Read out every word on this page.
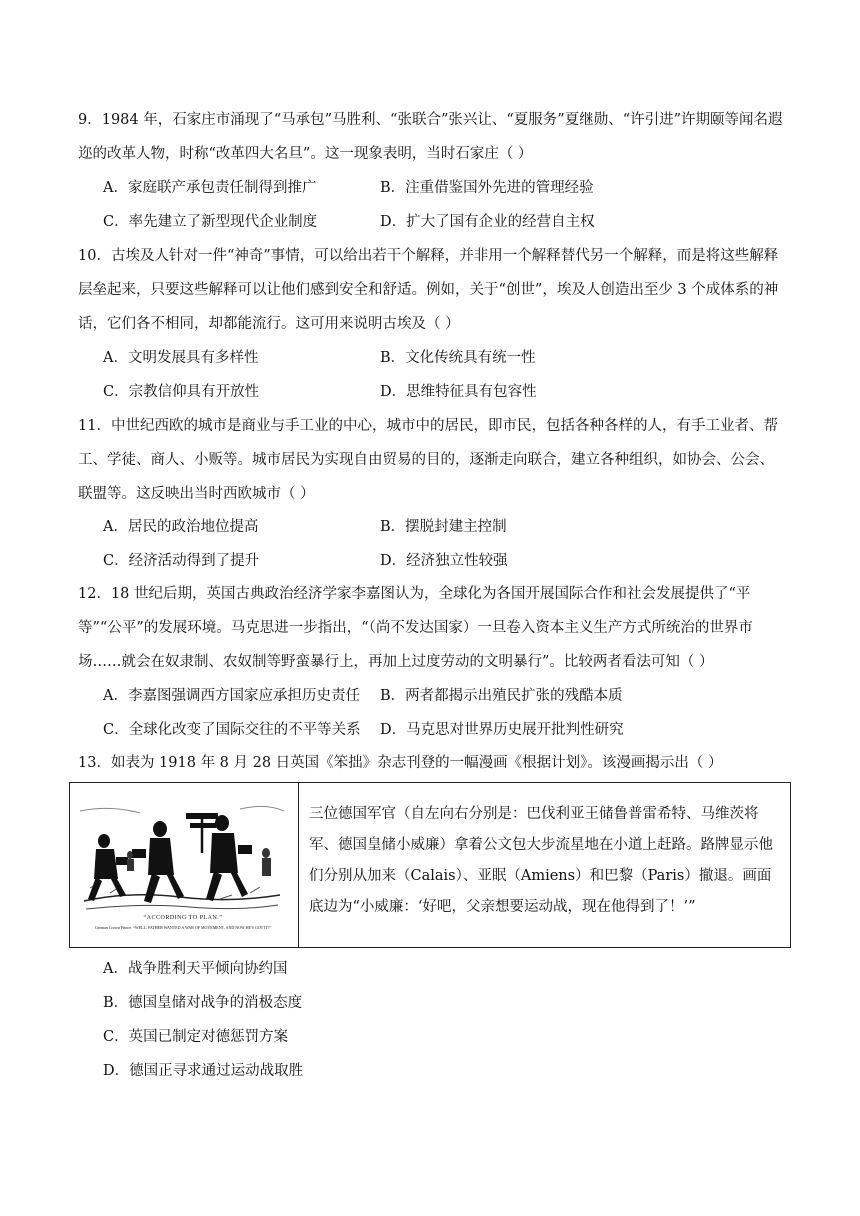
9．1984 年，石家庄市涌现了“马承包”马胜利、“张联合”张兴让、“夏服务”夏继勋、“许引进”许期颐等闻名遐迩的改革人物，时称“改革四大名旦”。这一现象表明，当时石家庄（ ）
A．家庭联产承包责任制得到推广	B．注重借鉴国外先进的管理经验
C．率先建立了新型现代企业制度	D．扩大了国有企业的经营自主权
10．古埃及人针对一件“神奇”事情，可以给出若干个解释，并非用一个解释替代另一个解释，而是将这些解释层垒起来，只要这些解释可以让他们感到安全和舒适。例如，关于“创世”，埃及人创造出至少 3 个成体系的神话，它们各不相同，却都能流行。这可用来说明古埃及（ ）
A．文明发展具有多样性	B．文化传统具有统一性
C．宗教信仰具有开放性	D．思维特征具有包容性
11．中世纪西欧的城市是商业与手工业的中心，城市中的居民，即市民，包括各种各样的人，有手工业者、帮工、学徒、商人、小贩等。城市居民为实现自由贸易的目的，逐渐走向联合，建立各种组织，如协会、公会、联盟等。这反映出当时西欧城市（ ）
A．居民的政治地位提高	B．摆脱封建主控制
C．经济活动得到了提升	D．经济独立性较强
12．18 世纪后期，英国古典政治经济学家李嘉图认为，全球化为各国开展国际合作和社会发展提供了“平等”“公平”的发展环境。马克思进一步指出，“（尚不发达国家）一旦卷入资本主义生产方式所统治的世界市场……就会在奴隶制、农奴制等野蛮暴行上，再加上过度劳动的文明暴行”。比较两者看法可知（ ）
A．李嘉图强调西方国家应承担历史责任 B．两者都揭示出殖民扩张的残酷本质
C．全球化改变了国际交往的不平等关系 D．马克思对世界历史展开批判性研究
13．如表为 1918 年 8 月 28 日英国《笨拙》杂志刊登的一幅漫画《根据计划》。该漫画揭示出（ ）
“ACCORDING TO PLAN.”
German Crown Prince: “WELL, FATHER WANTED A WAR OF MOVEMENT, AND NOW HE'S GOT IT!”
三位德国军官（自左向右分别是：巴伐利亚王储鲁普雷希特、马维茨将军、德国皇储小威廉）拿着公文包大步流星地在小道上赶路。路牌显示他们分别从加来（Calais）、亚眠（Amiens）和巴黎（Paris）撤退。画面底边为“小威廉：‘好吧，父亲想要运动战，现在他得到了！’”
A．战争胜利天平倾向协约国
B．德国皇储对战争的消极态度
C．英国已制定对德惩罚方案
D．德国正寻求通过运动战取胜
